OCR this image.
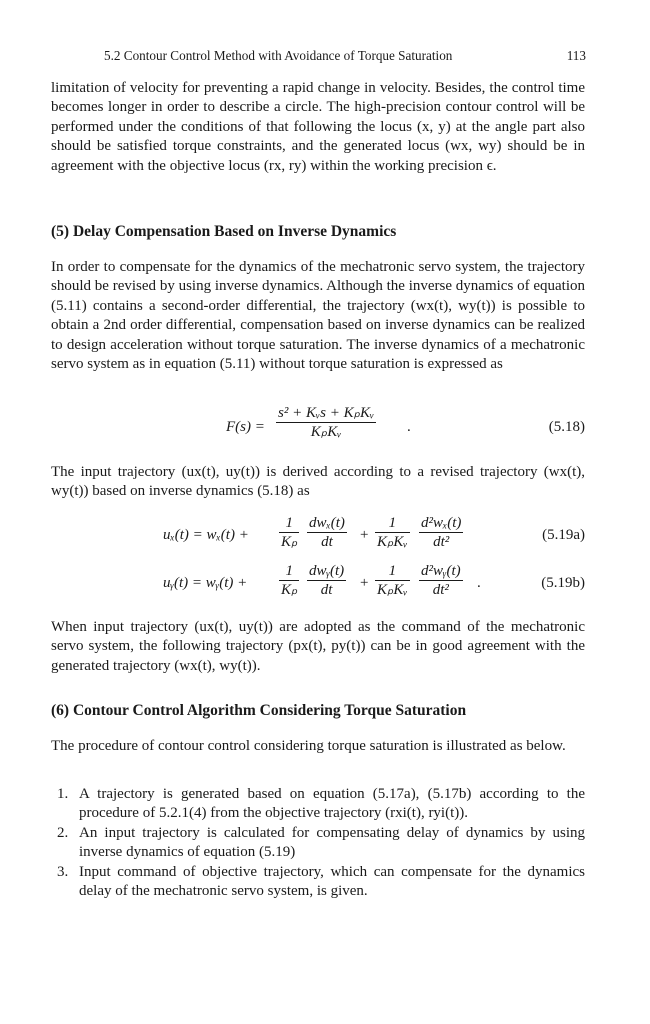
5.2 Contour Control Method with Avoidance of Torque Saturation	113

limitation of velocity for preventing a rapid change in velocity. Besides, the control time becomes longer in order to describe a circle. The high-precision contour control will be performed under the conditions of that following the locus (x, y) at the angle part also should be satisfied torque constraints, and the generated locus (wx, wy) should be in agreement with the objective locus (rx, ry) within the working precision ϵ.

(5) Delay Compensation Based on Inverse Dynamics

In order to compensate for the dynamics of the mechatronic servo system, the trajectory should be revised by using inverse dynamics. Although the inverse dynamics of equation (5.11) contains a second-order differential, the trajectory (wx(t), wy(t)) is possible to obtain a 2nd order differential, compensation based on inverse dynamics can be realized to design acceleration without torque saturation. The inverse dynamics of a mechatronic servo system as in equation (5.11) without torque saturation is expressed as

F(s) =
s² + Kᵥs + KₚKᵥ
KₚKᵥ	.	(5.18)

The input trajectory (ux(t), uy(t)) is derived according to a revised trajectory (wx(t), wy(t)) based on inverse dynamics (5.18) as

uₓ(t) = wₓ(t) +
1
Kₚ
dwₓ(t)
dt +
1
KₚKᵥ
d²wₓ(t)
dt²	(5.19a)
uᵧ(t) = wᵧ(t) +
1
Kₚ
dwᵧ(t)
dt +
1
KₚKᵥ
d²wᵧ(t)
dt² .	(5.19b)

When input trajectory (ux(t), uy(t)) are adopted as the command of the mechatronic servo system, the following trajectory (px(t), py(t)) can be in good agreement with the generated trajectory (wx(t), wy(t)).

(6) Contour Control Algorithm Considering Torque Saturation

The procedure of contour control considering torque saturation is illustrated as below.

1. A trajectory is generated based on equation (5.17a), (5.17b) according to the procedure of 5.2.1(4) from the objective trajectory (rxi(t), ryi(t)).
2. An input trajectory is calculated for compensating delay of dynamics by using inverse dynamics of equation (5.19)
3. Input command of objective trajectory, which can compensate for the dynamics delay of the mechatronic servo system, is given.
